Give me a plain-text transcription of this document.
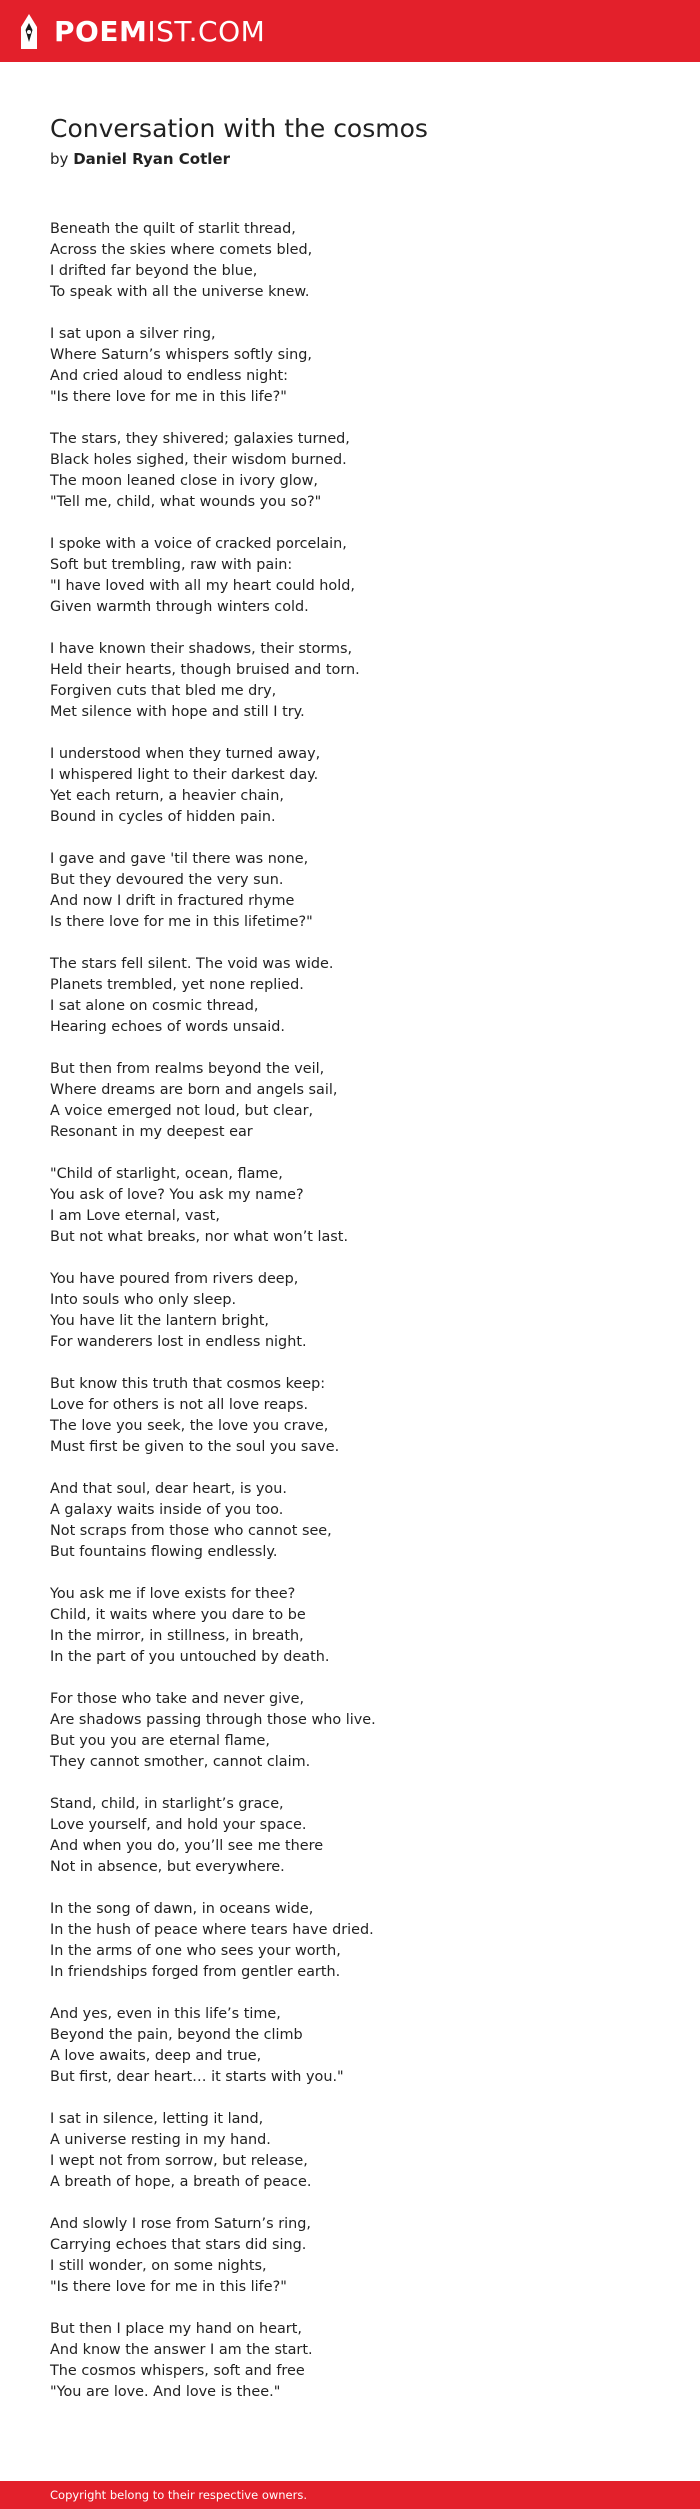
POEMIST.COM
Conversation with the cosmos
by Daniel Ryan Cotler
Beneath the quilt of starlit thread,
Across the skies where comets bled,
I drifted far beyond the blue,
To speak with all the universe knew.
I sat upon a silver ring,
Where Saturn’s whispers softly sing,
And cried aloud to endless night:
"Is there love for me in this life?"
The stars, they shivered; galaxies turned,
Black holes sighed, their wisdom burned.
The moon leaned close in ivory glow,
"Tell me, child, what wounds you so?"
I spoke with a voice of cracked porcelain,
Soft but trembling, raw with pain:
"I have loved with all my heart could hold,
Given warmth through winters cold.
I have known their shadows, their storms,
Held their hearts, though bruised and torn.
Forgiven cuts that bled me dry,
Met silence with hope and still I try.
I understood when they turned away,
I whispered light to their darkest day.
Yet each return, a heavier chain,
Bound in cycles of hidden pain.
I gave and gave 'til there was none,
But they devoured the very sun.
And now I drift in fractured rhyme
Is there love for me in this lifetime?"
The stars fell silent. The void was wide.
Planets trembled, yet none replied.
I sat alone on cosmic thread,
Hearing echoes of words unsaid.
But then from realms beyond the veil,
Where dreams are born and angels sail,
A voice emerged not loud, but clear,
Resonant in my deepest ear
"Child of starlight, ocean, flame,
You ask of love? You ask my name?
I am Love eternal, vast,
But not what breaks, nor what won’t last.
You have poured from rivers deep,
Into souls who only sleep.
You have lit the lantern bright,
For wanderers lost in endless night.
But know this truth that cosmos keep:
Love for others is not all love reaps.
The love you seek, the love you crave,
Must first be given to the soul you save.
And that soul, dear heart, is you.
A galaxy waits inside of you too.
Not scraps from those who cannot see,
But fountains flowing endlessly.
You ask me if love exists for thee?
Child, it waits where you dare to be
In the mirror, in stillness, in breath,
In the part of you untouched by death.
For those who take and never give,
Are shadows passing through those who live.
But you you are eternal flame,
They cannot smother, cannot claim.
Stand, child, in starlight’s grace,
Love yourself, and hold your space.
And when you do, you’ll see me there
Not in absence, but everywhere.
In the song of dawn, in oceans wide,
In the hush of peace where tears have dried.
In the arms of one who sees your worth,
In friendships forged from gentler earth.
And yes, even in this life’s time,
Beyond the pain, beyond the climb
A love awaits, deep and true,
But first, dear heart… it starts with you."
I sat in silence, letting it land,
A universe resting in my hand.
I wept not from sorrow, but release,
A breath of hope, a breath of peace.
And slowly I rose from Saturn’s ring,
Carrying echoes that stars did sing.
I still wonder, on some nights,
"Is there love for me in this life?"
But then I place my hand on heart,
And know the answer I am the start.
The cosmos whispers, soft and free
"You are love. And love is thee."
Copyright belong to their respective owners.
